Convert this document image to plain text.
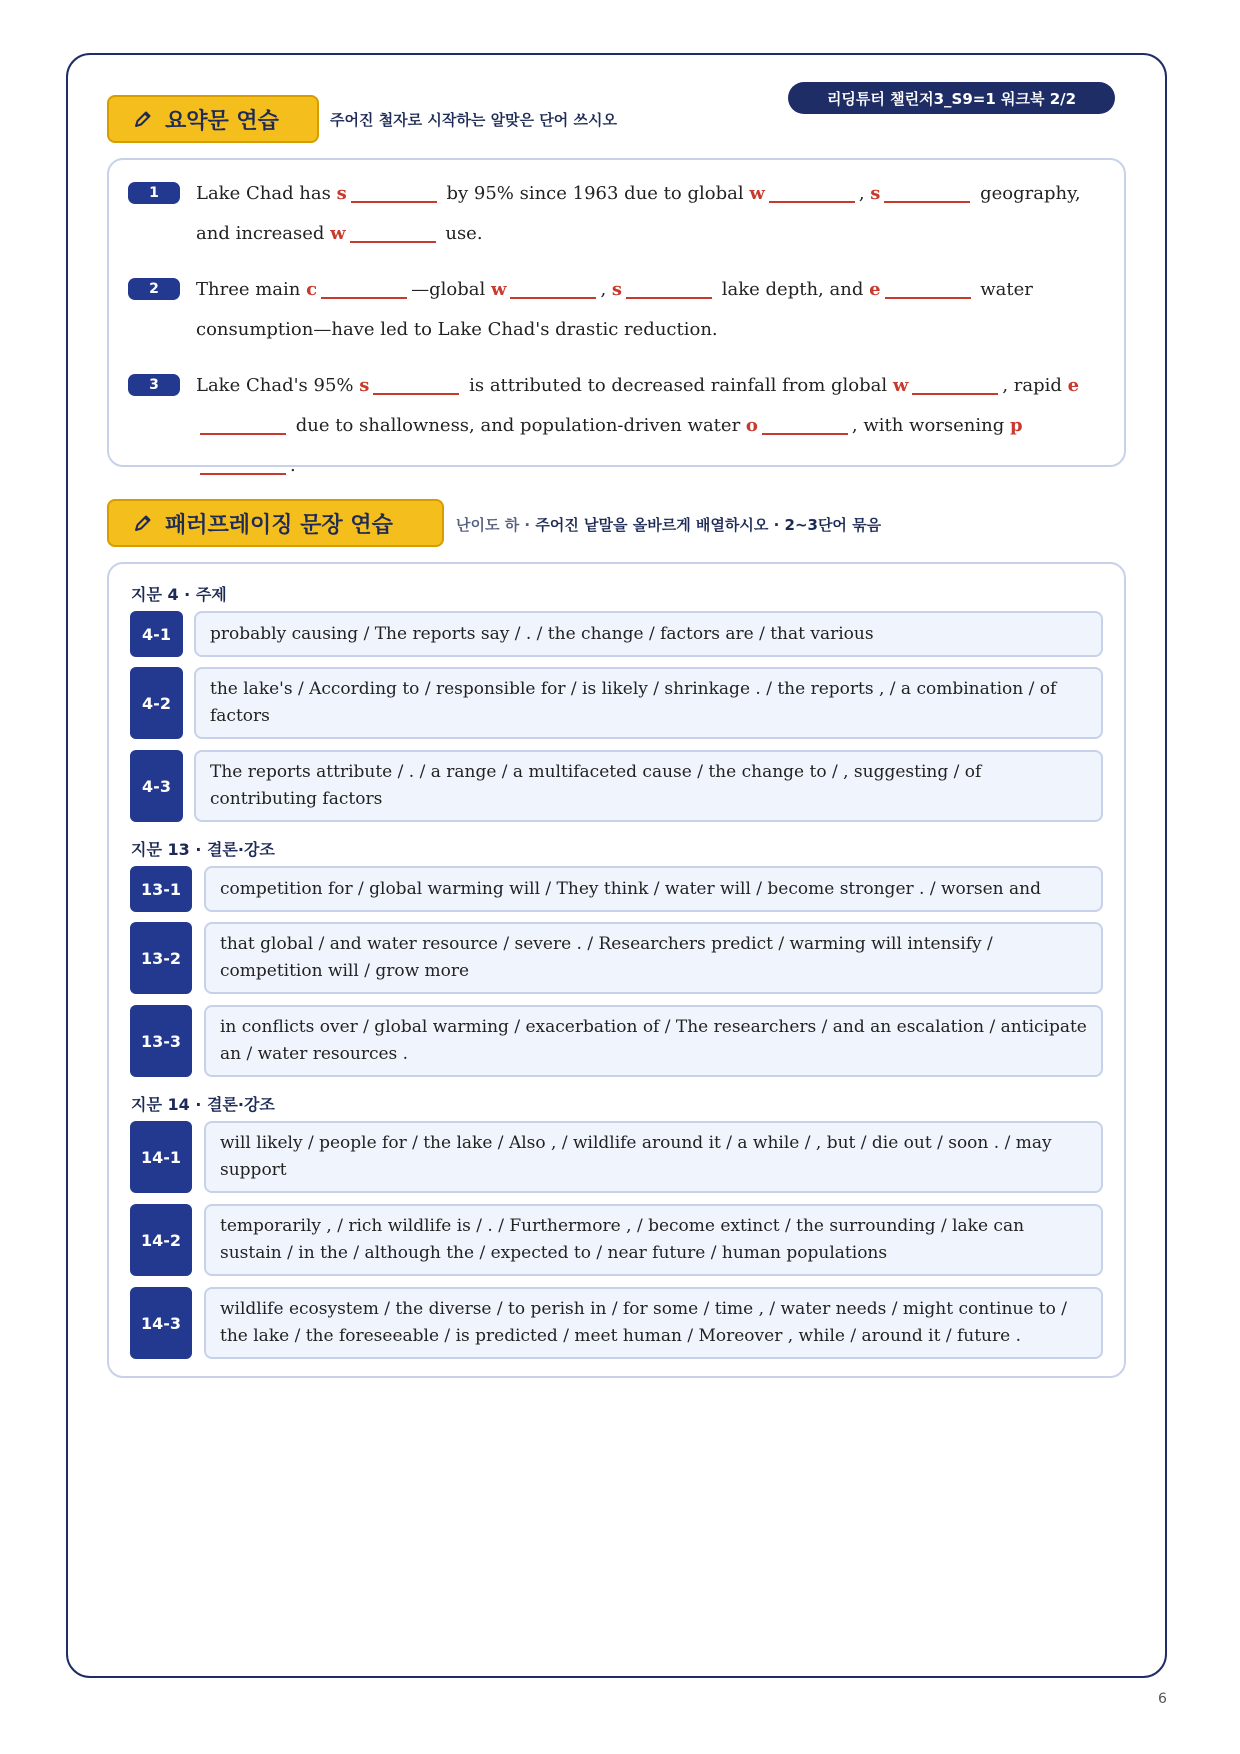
리딩튜터 챌린저3_S9=1 워크북 2/2
요약문 연습	주어진 철자로 시작하는 알맞은 단어 쓰시오
1	Lake Chad has s	by 95% since 1963 due to global w	, s	geography, and increased w	use.
2	Three main c	—global w	, s	lake depth, and e	water consumption—have led to Lake Chad's drastic reduction.
3	Lake Chad's 95% s	is attributed to decreased rainfall from global w	, rapid e due to shallowness, and population-driven water o	, with worsening p.
패러프레이징 문장 연습	난이도 하 · 주어진 낱말을 올바르게 배열하시오 · 2~3단어 묶음
지문 4 · 주제
4-1	probably causing / The reports say / . / the change / factors are / that various
4-2
the lake's / According to / responsible for / is likely / shrinkage . / the reports , / a combination / of factors
4-3
The reports attribute / . / a range / a multifaceted cause / the change to / , suggesting / of contributing factors
지문 13 · 결론·강조
13-1	competition for / global warming will / They think / water will / become stronger . / worsen and
13-2
that global / and water resource / severe . / Researchers predict / warming will intensify / competition will / grow more
13-3
in conflicts over / global warming / exacerbation of / The researchers / and an escalation / anticipate an / water resources .
지문 14 · 결론·강조
14-1
will likely / people for / the lake / Also , / wildlife around it / a while / , but / die out / soon . / may support
14-2
temporarily , / rich wildlife is / . / Furthermore , / become extinct / the surrounding / lake can sustain / in the / although the / expected to / near future / human populations
14-3
wildlife ecosystem / the diverse / to perish in / for some / time , / water needs / might continue to / the lake / the foreseeable / is predicted / meet human / Moreover , while / around it / future .
6
